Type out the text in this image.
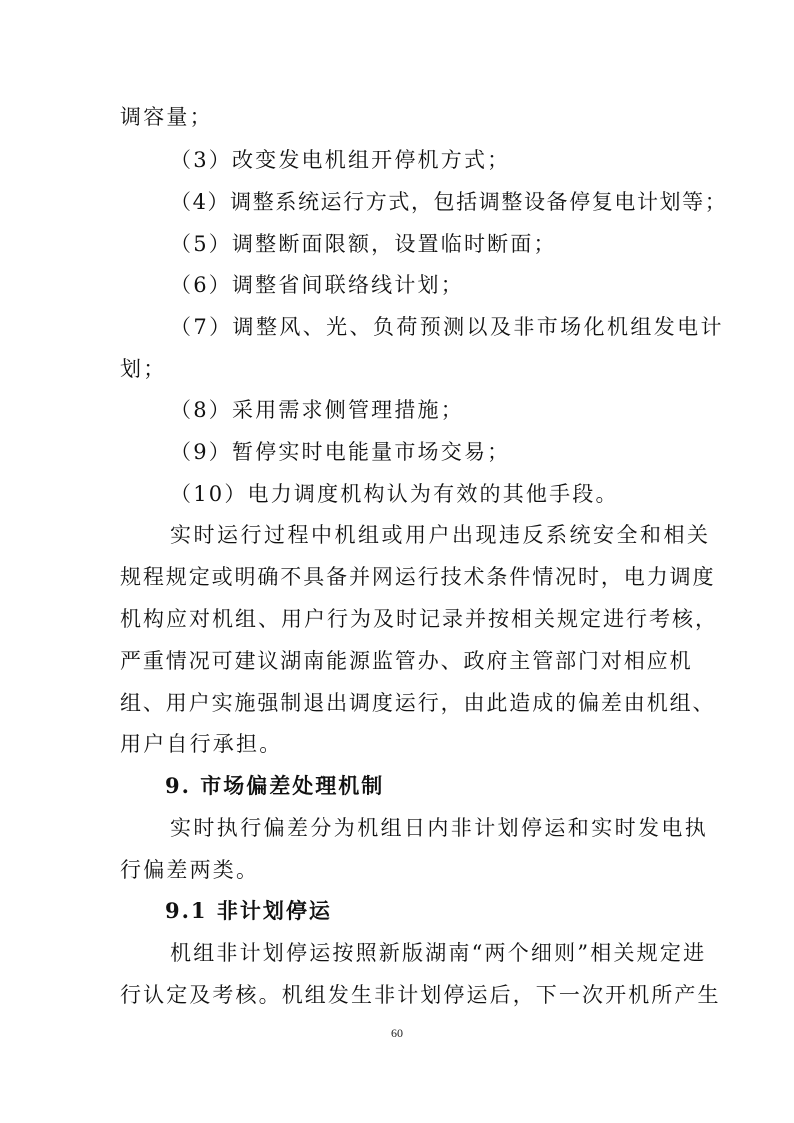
调容量；
（3）改变发电机组开停机方式；
（4）调整系统运行方式，包括调整设备停复电计划等；
（5）调整断面限额，设置临时断面；
（6）调整省间联络线计划；
（7）调整风、光、负荷预测以及非市场化机组发电计
划；
（8）采用需求侧管理措施；
（9）暂停实时电能量市场交易；
（10）电力调度机构认为有效的其他手段。
实时运行过程中机组或用户出现违反系统安全和相关
规程规定或明确不具备并网运行技术条件情况时，电力调度
机构应对机组、用户行为及时记录并按相关规定进行考核，
严重情况可建议湖南能源监管办、政府主管部门对相应机
组、用户实施强制退出调度运行，由此造成的偏差由机组、
用户自行承担。
9. 市场偏差处理机制
实时执行偏差分为机组日内非计划停运和实时发电执
行偏差两类。
9.1 非计划停运
机组非计划停运按照新版湖南“两个细则”相关规定进
行认定及考核。机组发生非计划停运后，下一次开机所产生
60
